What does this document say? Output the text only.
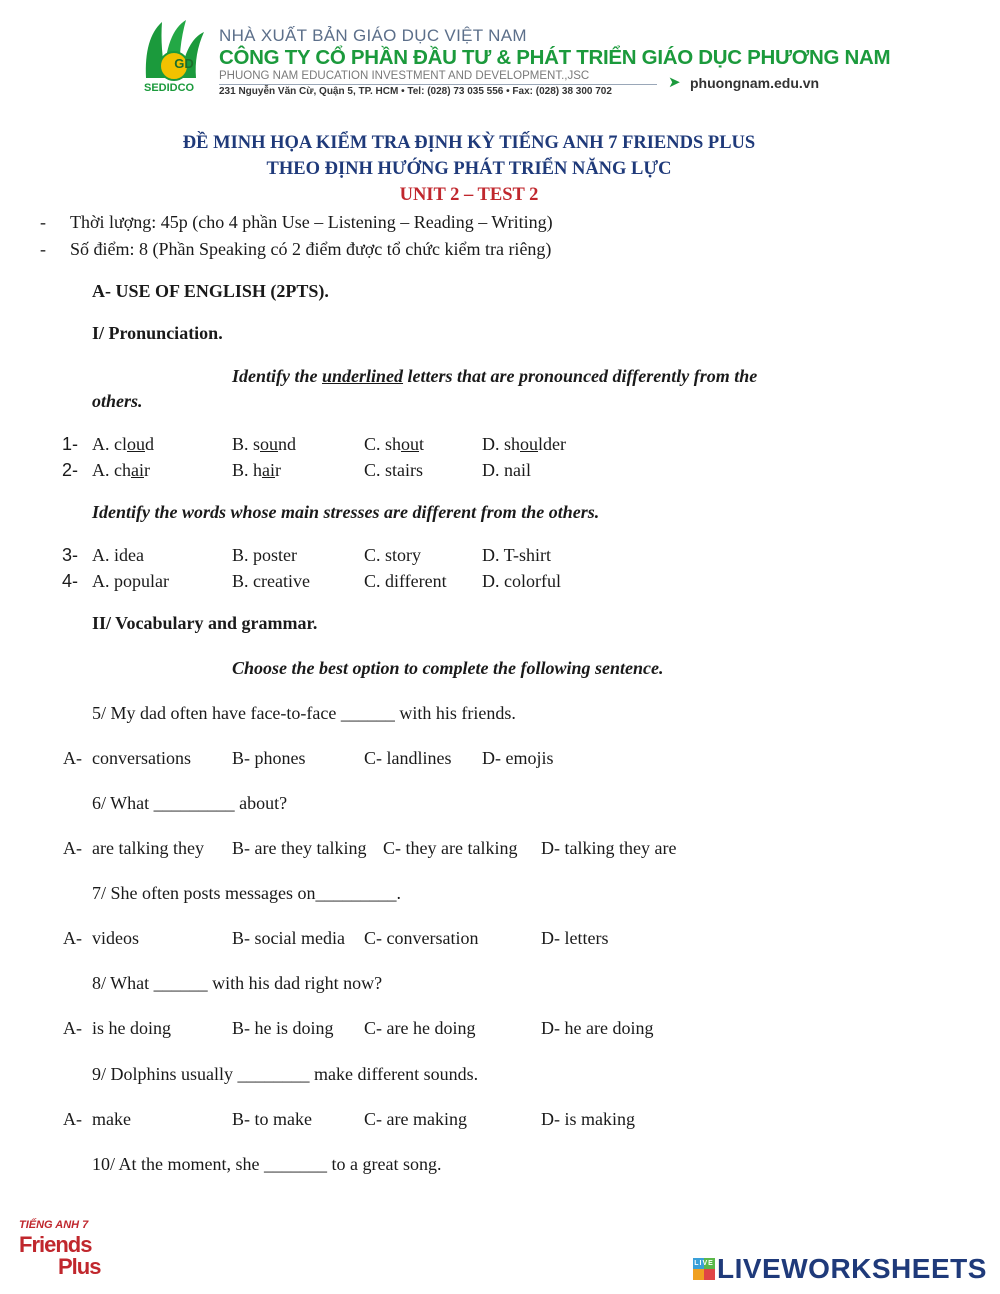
GD
SEDIDCO
NHÀ XUẤT BẢN GIÁO DỤC VIỆT NAM
CÔNG TY CỔ PHẦN ĐẦU TƯ & PHÁT TRIỂN GIÁO DỤC PHƯƠNG NAM
PHUONG NAM EDUCATION INVESTMENT AND DEVELOPMENT.,JSC
231 Nguyễn Văn Cừ, Quận 5, TP. HCM • Tel: (028) 73 035 556 • Fax: (028) 38 300 702
➤ phuongnam.edu.vn
ĐỀ MINH HỌA KIỂM TRA ĐỊNH KỲ TIẾNG ANH 7 FRIENDS PLUS
THEO ĐỊNH HƯỚNG PHÁT TRIỂN NĂNG LỰC
UNIT 2 – TEST 2
- Thời lượng: 45p (cho 4 phần Use – Listening – Reading – Writing)
- Số điểm: 8 (Phần Speaking có 2 điểm được tổ chức kiểm tra riêng)
A- USE OF ENGLISH (2PTS).
I/ Pronunciation.
Identify the underlined letters that are pronounced differently from the
others.
1- A. cloud	B. sound	C. shout	D. shoulder
2- A. chair	B. hair	C. stairs	D. nail
Identify the words whose main stresses are different from the others.
3- A. idea	B. poster	C. story	D. T-shirt
4- A. popular	B. creative	C. different D. colorful
II/ Vocabulary and grammar.
Choose the best option to complete the following sentence.
5/ My dad often have face-to-face ______ with his friends.
A- conversations B- phones	C- landlines D- emojis
6/ What _________ about?
A- are talking they B- are they talking C- they are talking D- talking they are
7/ She often posts messages on_________.
A- videos	B- social media C- conversation	D- letters
8/ What ______ with his dad right now?
A- is he doing	B- he is doing C- are he doing	D- he are doing
9/ Dolphins usually ________ make different sounds.
A- make	B- to make	C- are making	D- is making
10/ At the moment, she _______ to a great song.
TIẾNG ANH 7
Friends
Plus	LIVE LIVEWORKSHEETS
